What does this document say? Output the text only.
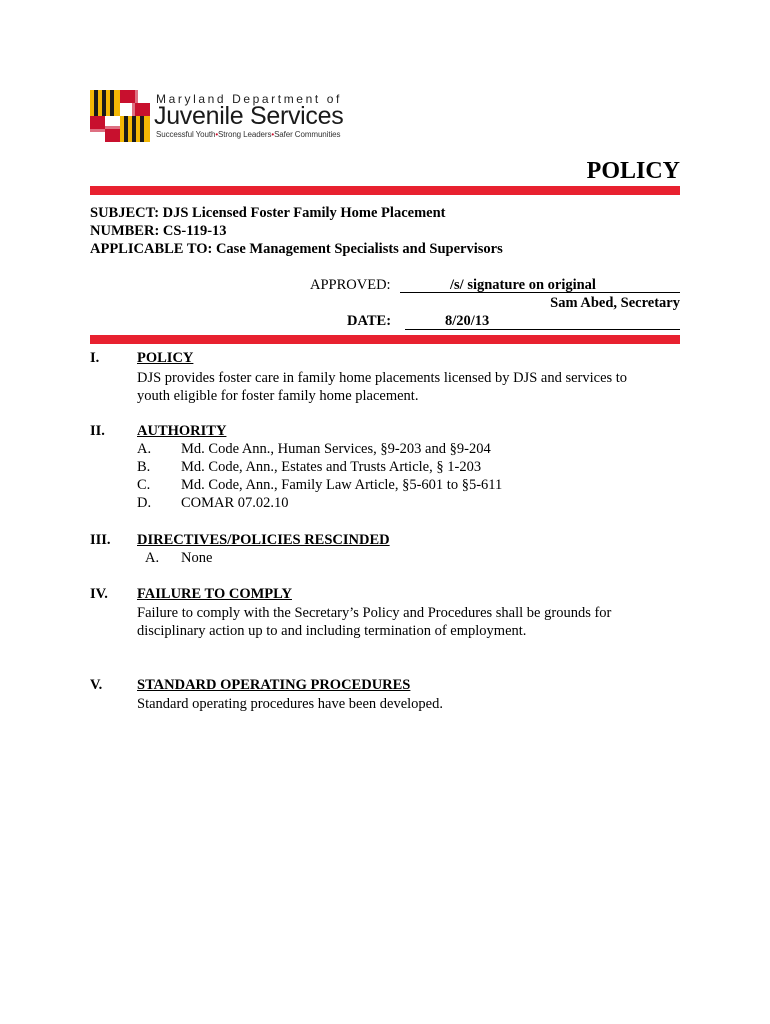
Maryland Department of
Juvenile Services
Successful Youth•Strong Leaders•Safer Communities
POLICY
SUBJECT: DJS Licensed Foster Family Home Placement
NUMBER: CS-119-13
APPLICABLE TO: Case Management Specialists and Supervisors
APPROVED:	/s/ signature on original
Sam Abed, Secretary
DATE:	8/20/13
I.	POLICY
DJS provides foster care in family home placements licensed by DJS and services to
youth eligible for foster family home placement.
II. AUTHORITY
A. Md. Code Ann., Human Services, §9-203 and §9-204
B. Md. Code, Ann., Estates and Trusts Article, § 1-203
C. Md. Code, Ann., Family Law Article, §5-601 to §5-611
D. COMAR 07.02.10
III. DIRECTIVES/POLICIES RESCINDED
A. None
IV. FAILURE TO COMPLY
Failure to comply with the Secretary’s Policy and Procedures shall be grounds for
disciplinary action up to and including termination of employment.
V. STANDARD OPERATING PROCEDURES
Standard operating procedures have been developed.
